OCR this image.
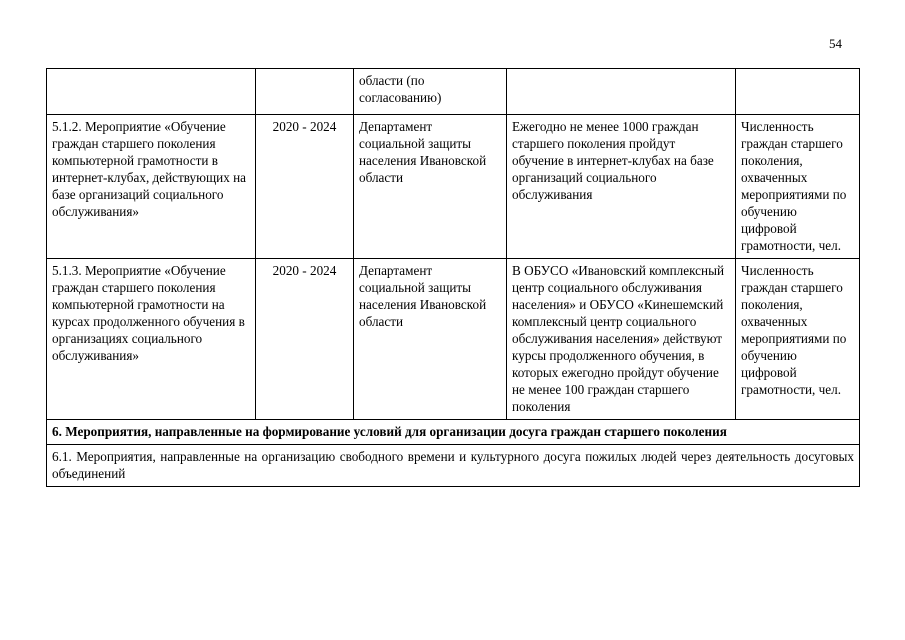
54
		области (по согласованию)		
5.1.2. Мероприятие «Обучение граждан старшего поколения компьютерной грамотности в интернет-клубах, действующих на базе организаций социального обслуживания»	2020 - 2024	Департамент социальной защиты населения Ивановской области	Ежегодно не менее 1000 граждан старшего поколения пройдут обучение в интернет-клубах на базе организаций социального обслуживания	Численность граждан старшего поколения, охваченных мероприятиями по обучению цифровой грамотности, чел.
5.1.3. Мероприятие «Обучение граждан старшего поколения компьютерной грамотности на курсах продолженного обучения в организациях социального обслуживания»	2020 - 2024	Департамент социальной защиты населения Ивановской области	В ОБУСО «Ивановский комплексный центр социального обслуживания населения» и ОБУСО «Кинешемский комплексный центр социального обслуживания населения» действуют курсы продолженного обучения, в которых ежегодно пройдут обучение не менее 100 граждан старшего поколения	Численность граждан старшего поколения, охваченных мероприятиями по обучению цифровой грамотности, чел.
6. Мероприятия, направленные на формирование условий для организации досуга граждан старшего поколения				
6.1. Мероприятия, направленные на организацию свободного времени и культурного досуга пожилых людей через деятельность досуговых объединений				
